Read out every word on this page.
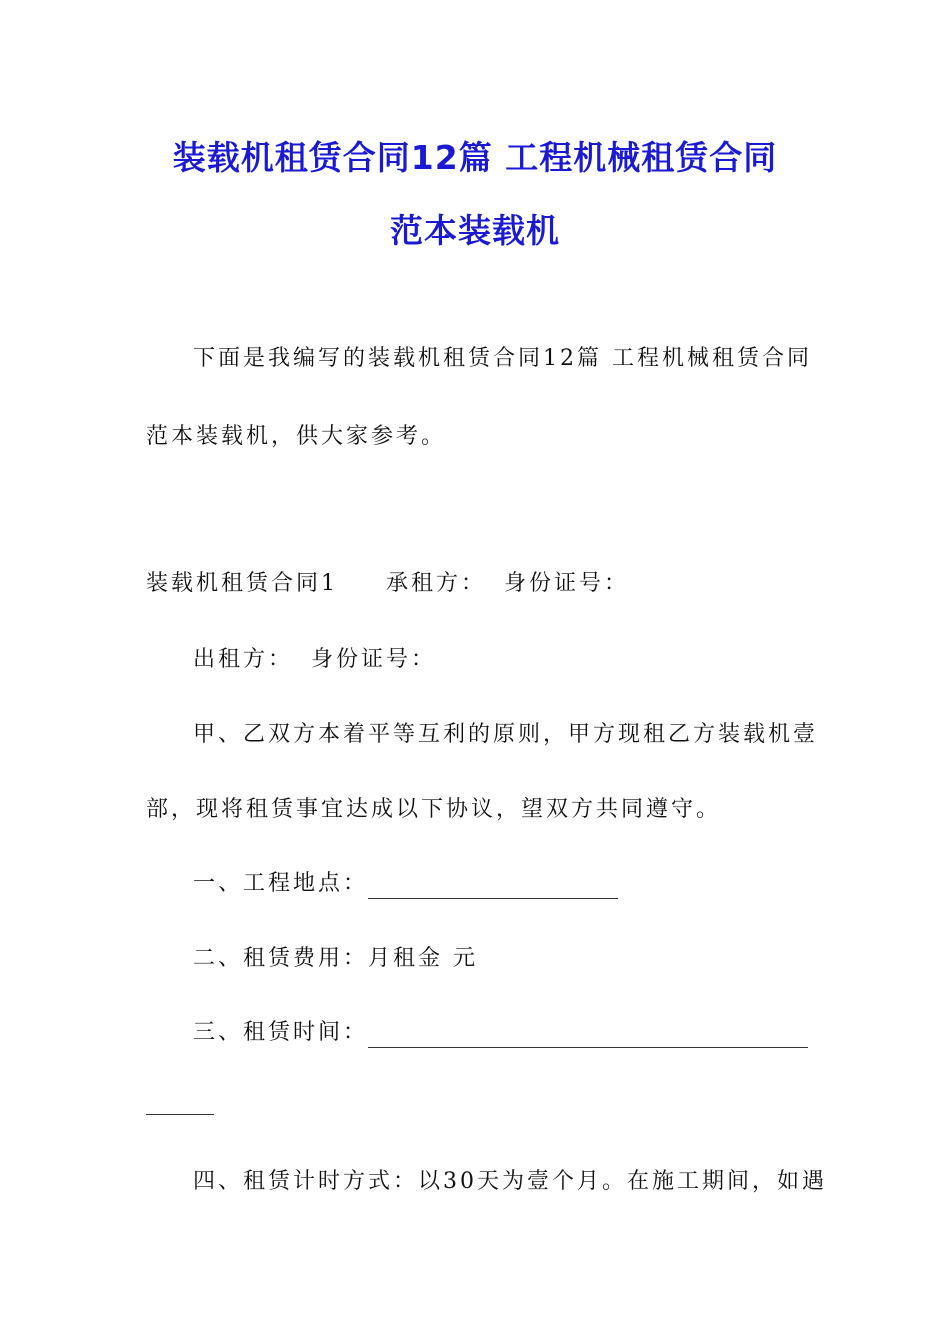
装载机租赁合同12篇 工程机械租赁合同
范本装载机
下面是我编写的装载机租赁合同12篇 工程机械租赁合同
范本装载机，供大家参考。
装载机租赁合同1 承租方： 身份证号：
出租方： 身份证号：
甲、乙双方本着平等互利的原则，甲方现租乙方装载机壹
部，现将租赁事宜达成以下协议，望双方共同遵守。
一、工程地点：
二、租赁费用：月租金 元
三、租赁时间：
四、租赁计时方式：以30天为壹个月。在施工期间，如遇
